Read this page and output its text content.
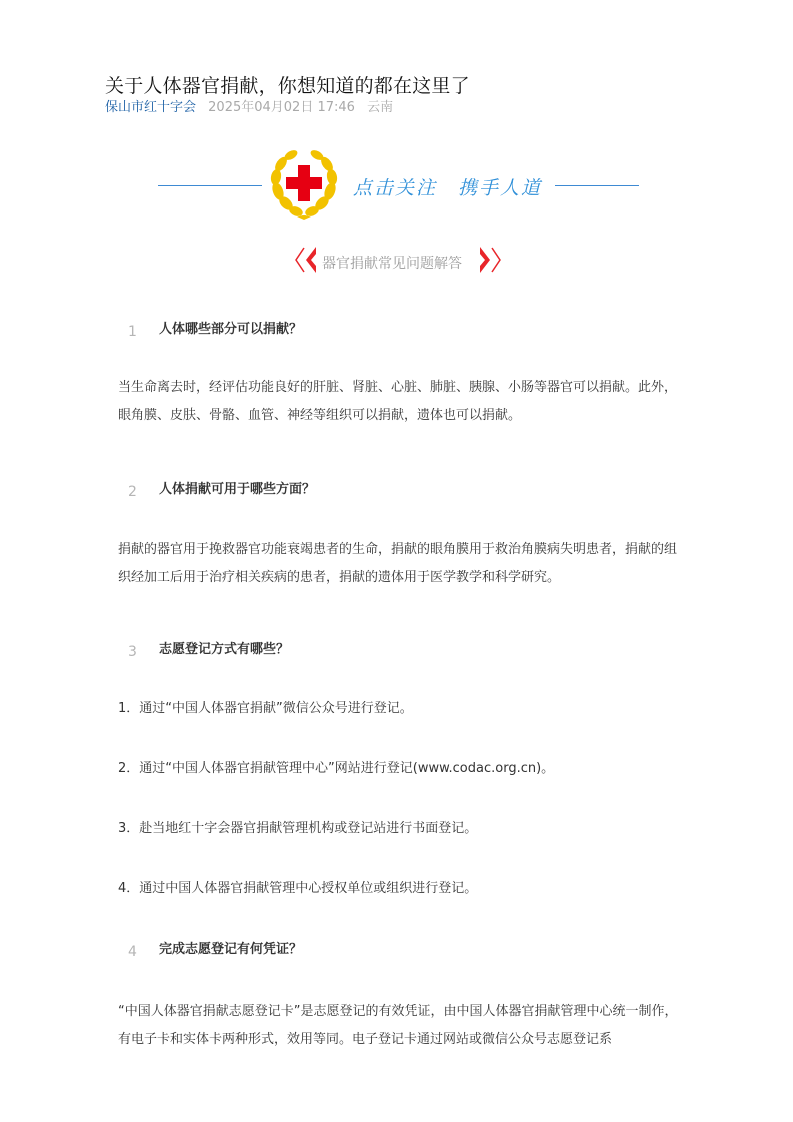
关于人体器官捐献，你想知道的都在这里了
保山市红十字会 2025年04月02日 17:46 云南
点击关注　携手人道
器官捐献常见问题解答
1 人体哪些部分可以捐献？

当生命离去时，经评估功能良好的肝脏、肾脏、心脏、肺脏、胰腺、小肠等器官可以捐献。此外，眼角膜、皮肤、骨骼、血管、神经等组织可以捐献，遗体也可以捐献。

2 人体捐献可用于哪些方面？

捐献的器官用于挽救器官功能衰竭患者的生命，捐献的眼角膜用于救治角膜病失明患者，捐献的组织经加工后用于治疗相关疾病的患者，捐献的遗体用于医学教学和科学研究。

3 志愿登记方式有哪些？
1．通过“中国人体器官捐献”微信公众号进行登记。
2．通过“中国人体器官捐献管理中心”网站进行登记(www.codac.org.cn)。
3．赴当地红十字会器官捐献管理机构或登记站进行书面登记。
4．通过中国人体器官捐献管理中心授权单位或组织进行登记。
4 完成志愿登记有何凭证？

“中国人体器官捐献志愿登记卡”是志愿登记的有效凭证，由中国人体器官捐献管理中心统一制作，有电子卡和实体卡两种形式，效用等同。电子登记卡通过网站或微信公众号志愿登记系
